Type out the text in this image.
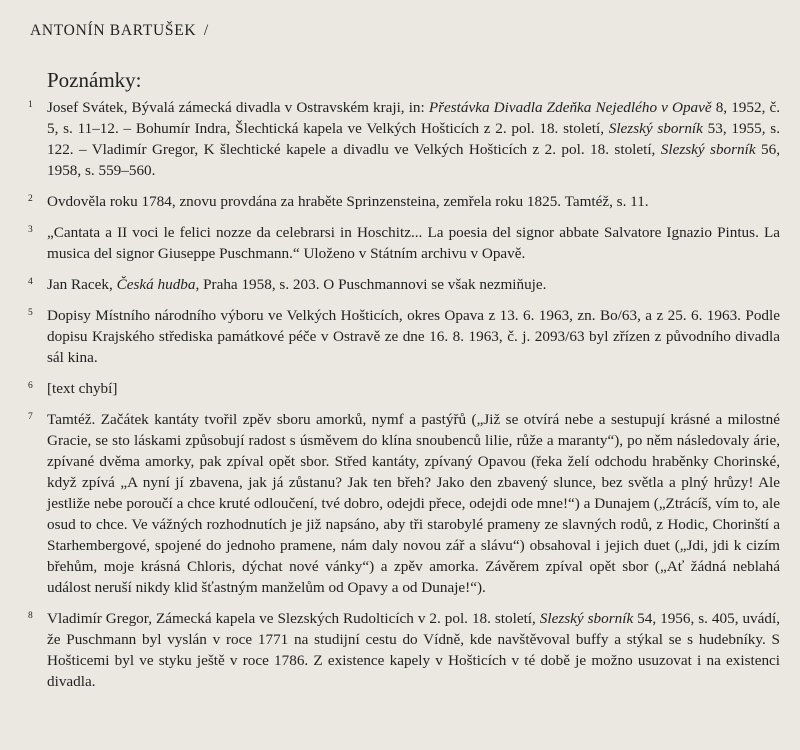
ANTONÍN BARTUŠEK /
Poznámky:
1 Josef Svátek, Bývalá zámecká divadla v Ostravském kraji, in: Přestávka Divadla Zdeňka Nejedlého v Opavě 8, 1952, č. 5, s. 11–12. – Bohumír Indra, Šlechtická kapela ve Velkých Hošticích z 2. pol. 18. století, Slezský sborník 53, 1955, s. 122. – Vladimír Gregor, K šlechtické kapele a divadlu ve Velkých Hošticích z 2. pol. 18. století, Slezský sborník 56, 1958, s. 559–560.
2 Ovdověla roku 1784, znovu provdána za hraběte Sprinzensteina, zemřela roku 1825. Tamtéž, s. 11.
3 „Cantata a II voci le felici nozze da celebrarsi in Hoschitz... La poesia del signor abbate Salvatore Ignazio Pintus. La musica del signor Giuseppe Puschmann.“ Uloženo v Státním archivu v Opavě.
4 Jan Racek, Česká hudba, Praha 1958, s. 203. O Puschmannovi se však nezmiňuje.
5 Dopisy Místního národního výboru ve Velkých Hošticích, okres Opava z 13. 6. 1963, zn. Bo/63, a z 25. 6. 1963. Podle dopisu Krajského střediska památkové péče v Ostravě ze dne 16. 8. 1963, č. j. 2093/63 byl zřízen z původního divadla sál kina.
6 [text chybí]
7 Tamtéž. Začátek kantáty tvořil zpěv sboru amorků, nymf a pastýřů („Již se otvírá nebe a sestupují krásné a milostné Gracie, se sto láskami způsobují radost s úsměvem do klína snoubenců lilie, růže a maranty“), po něm následovaly árie, zpívané dvěma amorky, pak zpíval opět sbor. Střed kantáty, zpívaný Opavou (řeka želí odchodu hraběnky Chorinské, když zpívá „A nyní jí zbavena, jak já zůstanu? Jak ten břeh? Jako den zbavený slunce, bez světla a plný hrůzy! Ale jestliže nebe poroučí a chce kruté odloučení, tvé dobro, odejdi přece, odejdi ode mne!“) a Dunajem („Ztrácíš, vím to, ale osud to chce. Ve vážných rozhodnutích je již napsáno, aby tři starobylé prameny ze slavných rodů, z Hodic, Chorinští a Starhembergové, spojené do jednoho pramene, nám daly novou zář a slávu“) obsahoval i jejich duet („Jdi, jdi k cizím břehům, moje krásná Chloris, dýchat nové vánky“) a zpěv amorka. Závěrem zpíval opět sbor („Ať žádná neblahá událost neruší nikdy klid šťastným manželům od Opavy a od Dunaje!“).
8 Vladimír Gregor, Zámecká kapela ve Slezských Rudolticích v 2. pol. 18. století, Slezský sborník 54, 1956, s. 405, uvádí, že Puschmann byl vyslán v roce 1771 na studijní cestu do Vídně, kde navštěvoval buffy a stýkal se s hudebníky. S Hošticemi byl ve styku ještě v roce 1786. Z existence kapely v Hošticích v té době je možno usuzovat i na existenci divadla.
